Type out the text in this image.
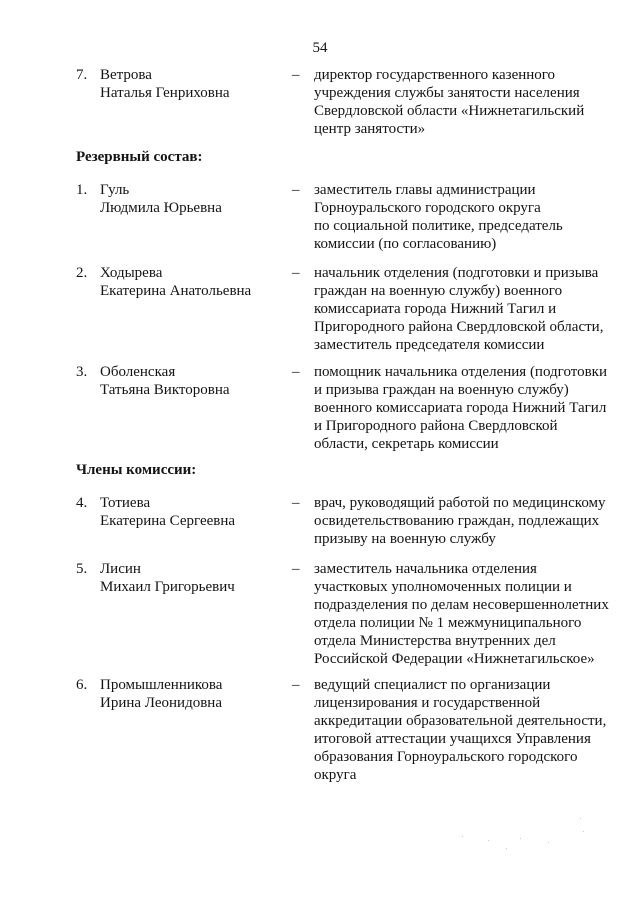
54
7. Ветрова
Наталья Генриховна
– директор государственного казенного
учреждения службы занятости населения
Свердловской области «Нижнетагильский
центр занятости»
Резервный состав:
1. Гуль
Людмила Юрьевна
– заместитель главы администрации
Горноуральского городского округа
по социальной политике, председатель
комиссии (по согласованию)
2. Ходырева
Екатерина Анатольевна
– начальник отделения (подготовки и призыва
граждан на военную службу) военного
комиссариата города Нижний Тагил и
Пригородного района Свердловской области,
заместитель председателя комиссии
3. Оболенская
Татьяна Викторовна
– помощник начальника отделения (подготовки
и призыва граждан на военную службу)
военного комиссариата города Нижний Тагил
и Пригородного района Свердловской
области, секретарь комиссии
Члены комиссии:
4. Тотиева
Екатерина Сергеевна
– врач, руководящий работой по медицинскому
освидетельствованию граждан, подлежащих
призыву на военную службу
5. Лисин
Михаил Григорьевич
– заместитель начальника отделения
участковых уполномоченных полиции и
подразделения по делам несовершеннолетних
отдела полиции № 1 межмуниципального
отдела Министерства внутренних дел
Российской Федерации «Нижнетагильское»
6. Промышленникова
Ирина Леонидовна
– ведущий специалист по организации
лицензирования и государственной
аккредитации образовательной деятельности,
итоговой аттестации учащихся Управления
образования Горноуральского городского
округа
